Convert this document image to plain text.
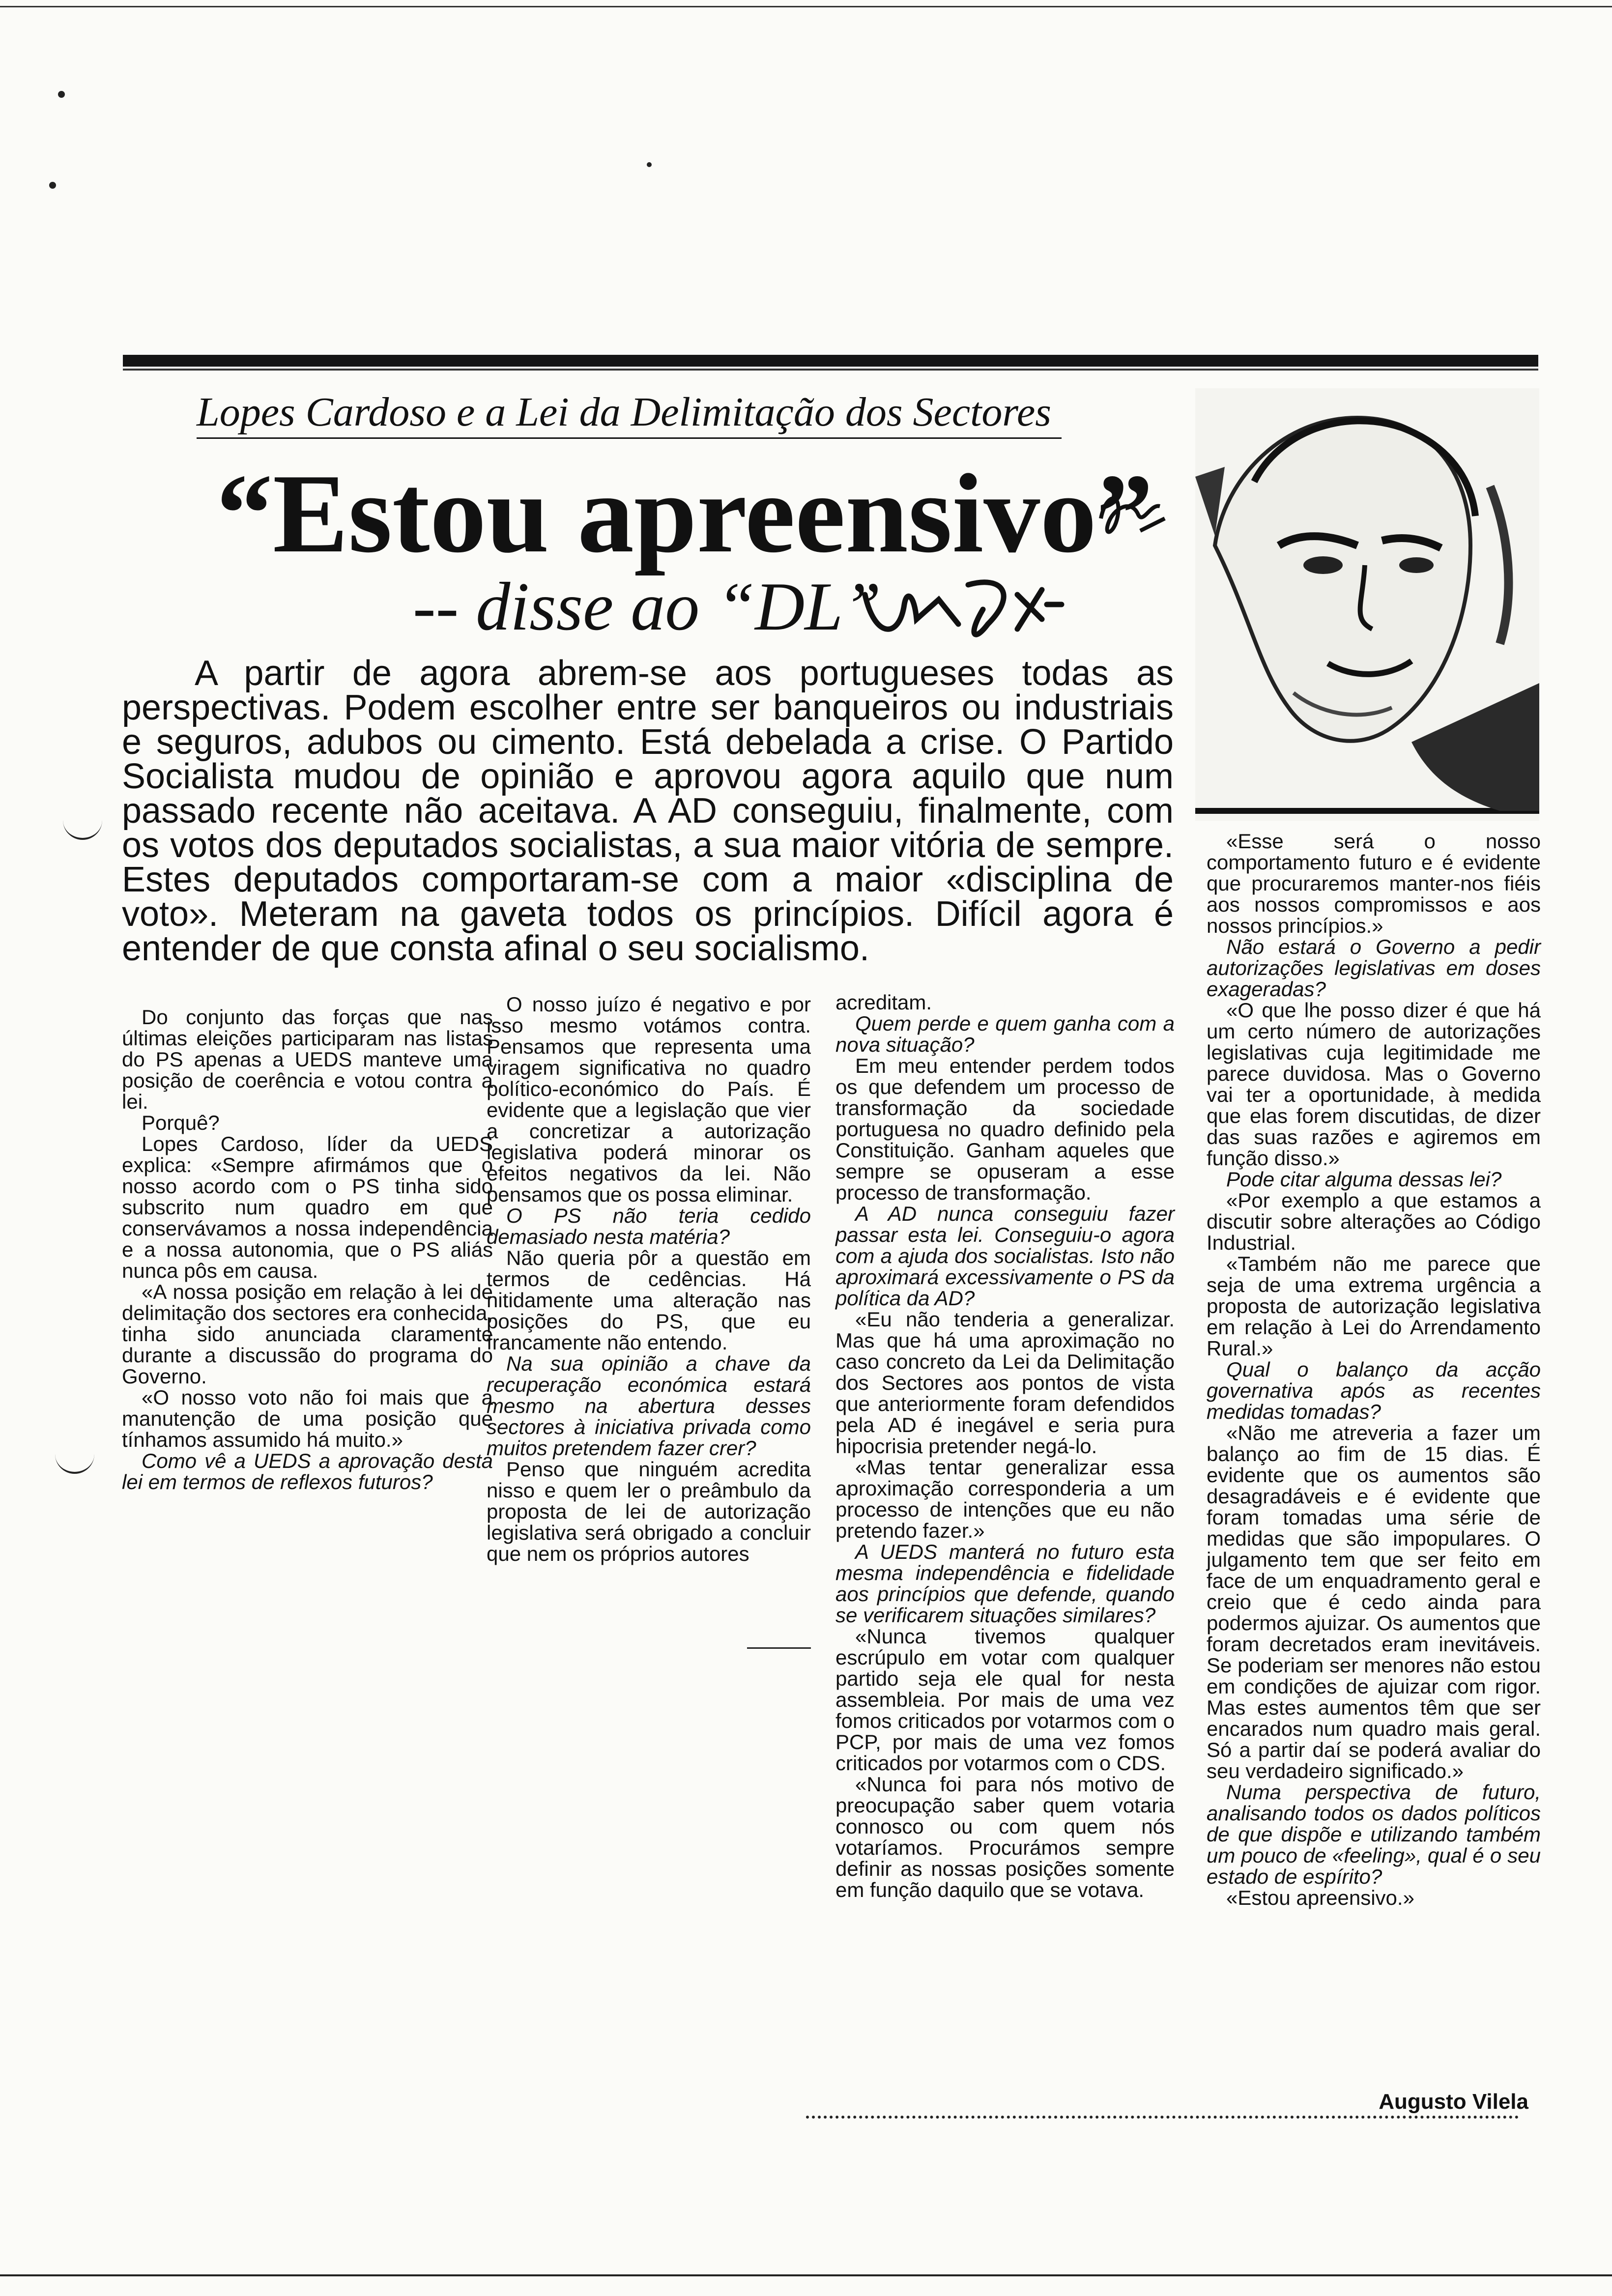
Lopes Cardoso e a Lei da Delimitação dos Sectores
“Estou apreensivo”
-- disse ao “DL”

A partir de agora abrem-se aos portugueses todas as perspectivas. Podem escolher entre ser banqueiros ou industriais e seguros, adubos ou cimento. Está debelada a crise. O Partido Socialista mudou de opinião e aprovou agora aquilo que num passado recente não aceitava. A AD conseguiu, finalmente, com os votos dos deputados socialistas, a sua maior vitória de sempre. Estes deputados comportaram-se com a maior «disciplina de voto». Meteram na gaveta todos os princípios. Difícil agora é entender de que consta afinal o seu socialismo.

Do conjunto das forças que nas últimas eleições participaram nas listas do PS apenas a UEDS manteve uma posição de coerência e votou contra a lei.

Porquê?

Lopes Cardoso, líder da UEDS explica: «Sempre afirmámos que o nosso acordo com o PS tinha sido subscrito num quadro em que conservávamos a nossa independência e a nossa autonomia, que o PS aliás nunca pôs em causa.

«A nossa posição em relação à lei de delimitação dos sectores era conhecida, tinha sido anunciada claramente durante a discussão do programa do Governo.

«O nosso voto não foi mais que a manutenção de uma posição que tínhamos assumido há muito.»

Como vê a UEDS a aprovação desta lei em termos de reflexos futuros?

O nosso juízo é negativo e por isso mesmo votámos contra. Pensamos que representa uma viragem significativa no quadro político-económico do País. É evidente que a legislação que vier a concretizar a autorização legislativa poderá minorar os efeitos negativos da lei. Não pensamos que os possa eliminar.

O PS não teria cedido demasiado nesta matéria?

Não queria pôr a questão em termos de cedências. Há nitidamente uma alteração nas posições do PS, que eu francamente não entendo.

Na sua opinião a chave da recuperação económica estará mesmo na abertura desses sectores à iniciativa privada como muitos pretendem fazer crer?

Penso que ninguém acredita nisso e quem ler o preâmbulo da proposta de lei de autorização legislativa será obrigado a concluir que nem os próprios autores

acreditam.

Quem perde e quem ganha com a nova situação?

Em meu entender perdem todos os que defendem um processo de transformação da sociedade portuguesa no quadro definido pela Constituição. Ganham aqueles que sempre se opuseram a esse processo de transformação.

A AD nunca conseguiu fazer passar esta lei. Conseguiu-o agora com a ajuda dos socialistas. Isto não aproximará excessivamente o PS da política da AD?

«Eu não tenderia a generalizar. Mas que há uma aproximação no caso concreto da Lei da Delimitação dos Sectores aos pontos de vista que anteriormente foram defendidos pela AD é inegável e seria pura hipocrisia pretender negá-lo.

«Mas tentar generalizar essa aproximação corresponderia a um processo de intenções que eu não pretendo fazer.»

A UEDS manterá no futuro esta mesma independência e fidelidade aos princípios que defende, quando se verificarem situações similares?

«Nunca tivemos qualquer escrúpulo em votar com qualquer partido seja ele qual for nesta assembleia. Por mais de uma vez fomos criticados por votarmos com o PCP, por mais de uma vez fomos criticados por votarmos com o CDS.

«Nunca foi para nós motivo de preocupação saber quem votaria connosco ou com quem nós votaríamos. Procurámos sempre definir as nossas posições somente em função daquilo que se votava.

«Esse será o nosso comportamento futuro e é evidente que procuraremos manter-nos fiéis aos nossos compromissos e aos nossos princípios.»

Não estará o Governo a pedir autorizações legislativas em doses exageradas?

«O que lhe posso dizer é que há um certo número de autorizações legislativas cuja legitimidade me parece duvidosa. Mas o Governo vai ter a oportunidade, à medida que elas forem discutidas, de dizer das suas razões e agiremos em função disso.»

Pode citar alguma dessas lei?

«Por exemplo a que estamos a discutir sobre alterações ao Código Industrial.

«Também não me parece que seja de uma extrema urgência a proposta de autorização legislativa em relação à Lei do Arrendamento Rural.»

Qual o balanço da acção governativa após as recentes medidas tomadas?

«Não me atreveria a fazer um balanço ao fim de 15 dias. É evidente que os aumentos são desagradáveis e é evidente que foram tomadas uma série de medidas que são impopulares. O julgamento tem que ser feito em face de um enquadramento geral e creio que é cedo ainda para podermos ajuizar. Os aumentos que foram decretados eram inevitáveis. Se poderiam ser menores não estou em condições de ajuizar com rigor. Mas estes aumentos têm que ser encarados num quadro mais geral. Só a partir daí se poderá avaliar do seu verdadeiro significado.»

Numa perspectiva de futuro, analisando todos os dados políticos de que dispõe e utilizando também um pouco de «feeling», qual é o seu estado de espírito?

«Estou apreensivo.»

Augusto Vilela
